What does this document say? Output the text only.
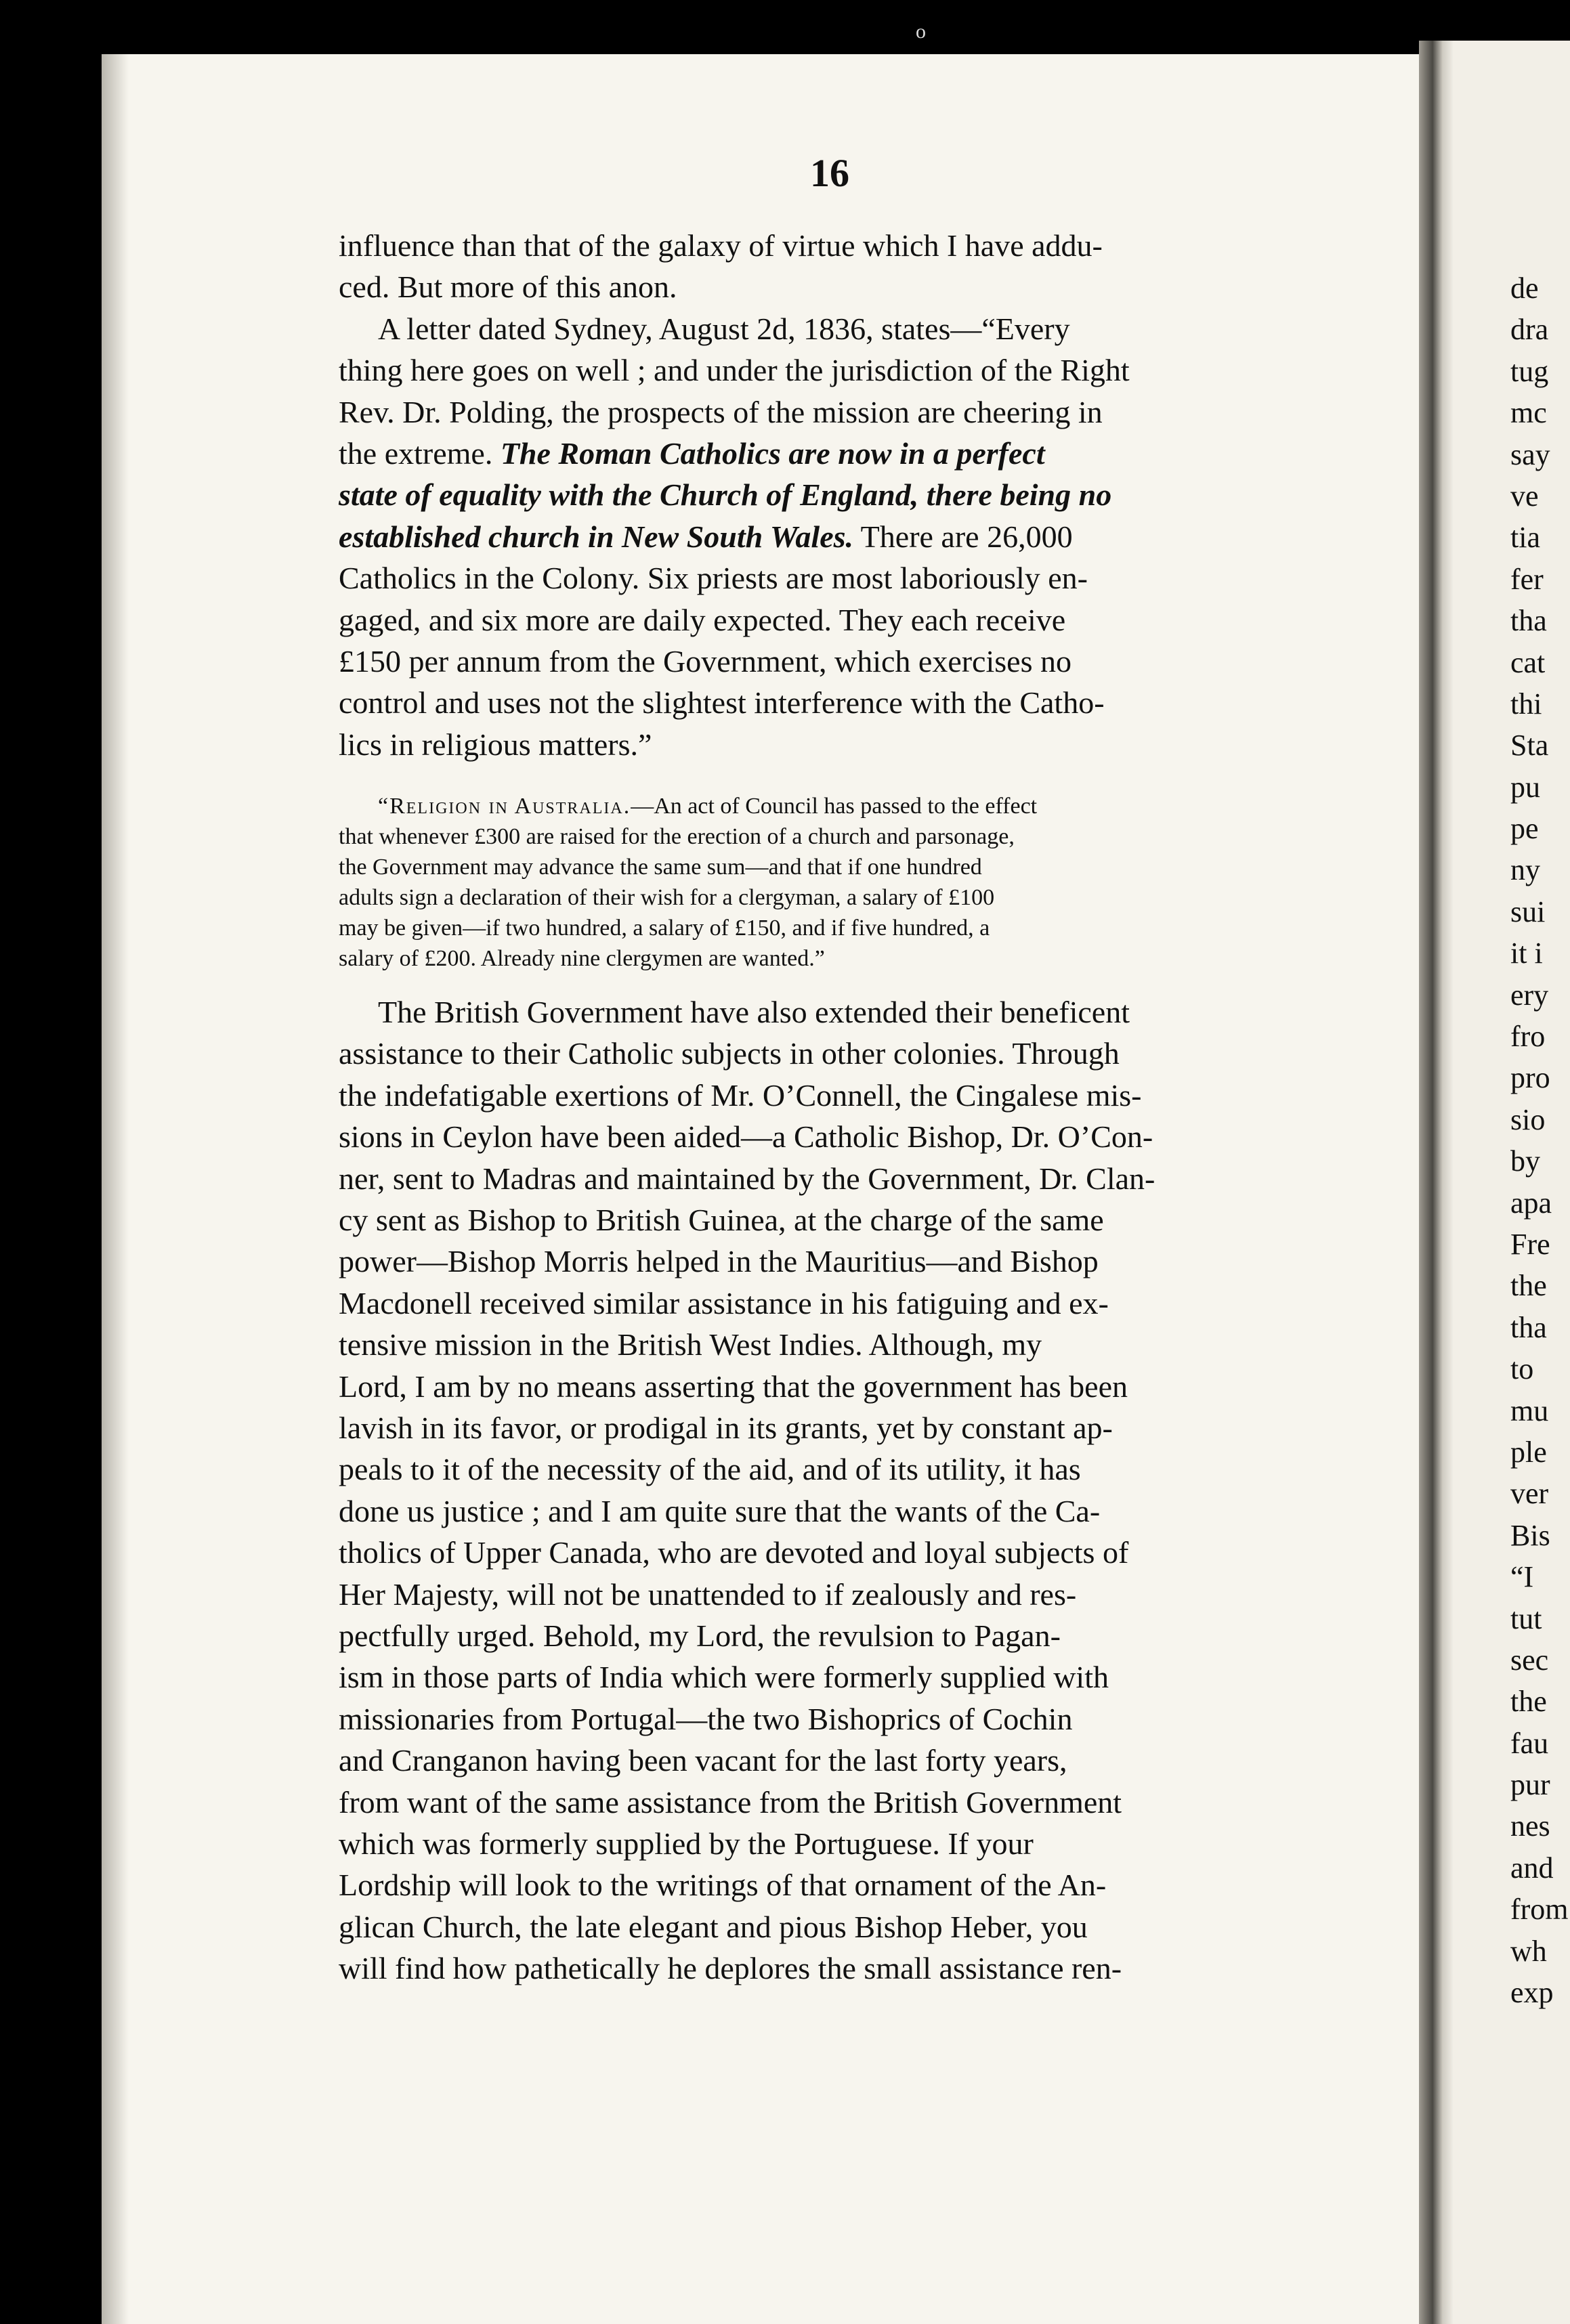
o
de
dra
tug
mc
say
ve
tia
fer
tha
cat
thi
Sta
pu
pe
ny
sui
it i
ery
fro
pro
sio
by
apa
Fre
the
tha
to
mu
ple
ver
Bis
“I
tut
sec
the
fau
pur
nes
and
from
wh
exp
16
influence than that of the galaxy of virtue which I have addu-
ced. But more of this anon.
A letter dated Sydney, August 2d, 1836, states—“Every
thing here goes on well ; and under the jurisdiction of the Right
Rev. Dr. Polding, the prospects of the mission are cheering in
the extreme. The Roman Catholics are now in a perfect
state of equality with the Church of England, there being no
established church in New South Wales. There are 26,000
Catholics in the Colony. Six priests are most laboriously en-
gaged, and six more are daily expected. They each receive
£150 per annum from the Government, which exercises no
control and uses not the slightest interference with the Catho-
lics in religious matters.”
“Religion in Australia.—An act of Council has passed to the effect
that whenever £300 are raised for the erection of a church and parsonage,
the Government may advance the same sum—and that if one hundred
adults sign a declaration of their wish for a clergyman, a salary of £100
may be given—if two hundred, a salary of £150, and if five hundred, a
salary of £200. Already nine clergymen are wanted.”
The British Government have also extended their beneficent
assistance to their Catholic subjects in other colonies. Through
the indefatigable exertions of Mr. O’Connell, the Cingalese mis-
sions in Ceylon have been aided—a Catholic Bishop, Dr. O’Con-
ner, sent to Madras and maintained by the Government, Dr. Clan-
cy sent as Bishop to British Guinea, at the charge of the same
power—Bishop Morris helped in the Mauritius—and Bishop
Macdonell received similar assistance in his fatiguing and ex-
tensive mission in the British West Indies. Although, my
Lord, I am by no means asserting that the government has been
lavish in its favor, or prodigal in its grants, yet by constant ap-
peals to it of the necessity of the aid, and of its utility, it has
done us justice ; and I am quite sure that the wants of the Ca-
tholics of Upper Canada, who are devoted and loyal subjects of
Her Majesty, will not be unattended to if zealously and res-
pectfully urged. Behold, my Lord, the revulsion to Pagan-
ism in those parts of India which were formerly supplied with
missionaries from Portugal—the two Bishoprics of Cochin
and Cranganon having been vacant for the last forty years,
from want of the same assistance from the British Government
which was formerly supplied by the Portuguese. If your
Lordship will look to the writings of that ornament of the An-
glican Church, the late elegant and pious Bishop Heber, you
will find how pathetically he deplores the small assistance ren-
